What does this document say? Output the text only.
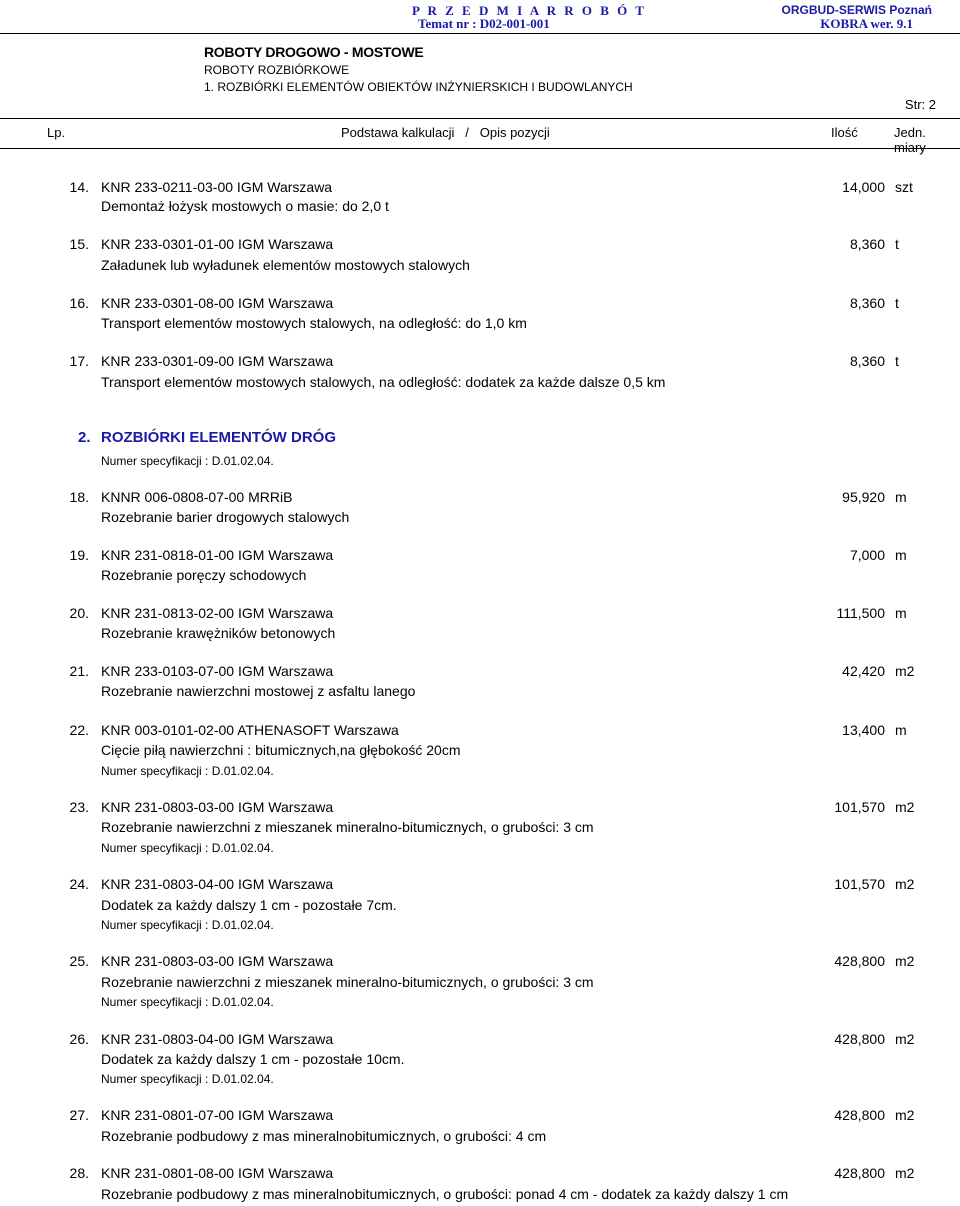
P R Z E D M I A R R O B Ó T
Temat nr : D02-001-001
ORGBUD-SERWIS Poznań
KOBRA wer. 9.1
ROBOTY DROGOWO - MOSTOWE
ROBOTY ROZBIÓRKOWE
1. ROZBIÓRKI ELEMENTÓW OBIEKTÓW INŻYNIERSKICH I BUDOWLANYCH
Str: 2
Lp.	Podstawa kalkulacji   /   Opis pozycji	Ilość	Jedn. miary
14. KNR 233-0211-03-00 IGM Warszawa	14,000 szt
Demontaż łożysk mostowych o masie: do 2,0 t
15. KNR 233-0301-01-00 IGM Warszawa	8,360 t
Załadunek lub wyładunek elementów mostowych stalowych
16. KNR 233-0301-08-00 IGM Warszawa	8,360 t
Transport elementów mostowych stalowych, na odległość: do 1,0 km
17. KNR 233-0301-09-00 IGM Warszawa	8,360 t
Transport elementów mostowych stalowych, na odległość: dodatek za każde dalsze 0,5 km
2. ROZBIÓRKI ELEMENTÓW DRÓG
Numer specyfikacji : D.01.02.04.
18. KNNR 006-0808-07-00 MRRiB	95,920 m
Rozebranie barier drogowych stalowych
19. KNR 231-0818-01-00 IGM Warszawa	7,000 m
Rozebranie poręczy schodowych
20. KNR 231-0813-02-00 IGM Warszawa	111,500 m
Rozebranie krawężników betonowych
21. KNR 233-0103-07-00 IGM Warszawa	42,420 m2
Rozebranie nawierzchni mostowej z asfaltu lanego
22. KNR 003-0101-02-00 ATHENASOFT Warszawa	13,400 m
Cięcie piłą nawierzchni : bitumicznych,na głębokość 20cm
Numer specyfikacji : D.01.02.04.
23. KNR 231-0803-03-00 IGM Warszawa	101,570 m2
Rozebranie nawierzchni z mieszanek mineralno-bitumicznych, o grubości: 3 cm
Numer specyfikacji : D.01.02.04.
24. KNR 231-0803-04-00 IGM Warszawa	101,570 m2
Dodatek za każdy dalszy 1 cm - pozostałe 7cm.
Numer specyfikacji : D.01.02.04.
25. KNR 231-0803-03-00 IGM Warszawa	428,800 m2
Rozebranie nawierzchni z mieszanek mineralno-bitumicznych, o grubości: 3 cm
Numer specyfikacji : D.01.02.04.
26. KNR 231-0803-04-00 IGM Warszawa	428,800 m2
Dodatek za każdy dalszy 1 cm - pozostałe 10cm.
Numer specyfikacji : D.01.02.04.
27. KNR 231-0801-07-00 IGM Warszawa	428,800 m2
Rozebranie podbudowy z mas mineralnobitumicznych, o grubości: 4 cm
28. KNR 231-0801-08-00 IGM Warszawa	428,800 m2
Rozebranie podbudowy z mas mineralnobitumicznych, o grubości: ponad 4 cm - dodatek za każdy dalszy 1 cm
